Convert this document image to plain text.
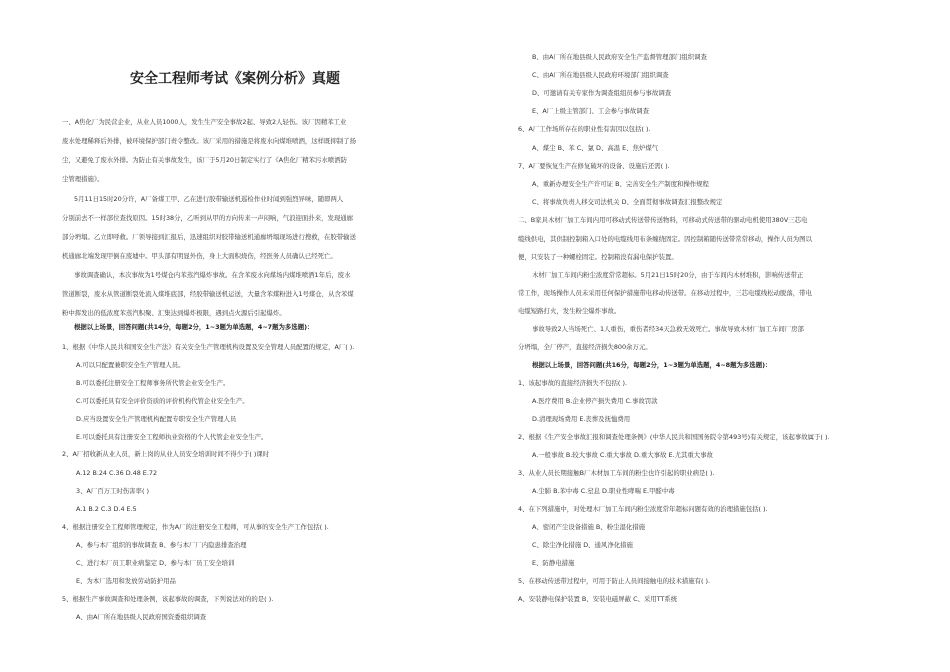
安全工程师考试《案例分析》真题
一、A焦化厂为民营企业，从业人员1000人，发生生产安全事故2起、导致2人轻伤。该厂因精苯工业
废水处理稀释后外排，被环境保护部门责令整改。该厂采用的措施是将废水向煤堆喷洒，这样既抑制了扬
尘，又避免了废水外排。为防止有关事故发生，该厂于5月20日制定实行了《A焦化厂精苯污水喷洒防
尘管理措施》。
5月11日15时20分许，A厂备煤工甲、乙在进行胶带输送机巡检作业时闻到强烈异味，随即两人
分别前去不一样部位查找原因。15时38分，乙听到从甲的方向传来一声闷响，气浪迎面扑来，发现通廊
部分坍塌。乙立即呼救。厂领导接到汇报后，迅速组织对胶带输送机通廊坍塌现场进行搜救，在胶带输送
机通廊北端发现甲倒在废墟中。甲头部有明显外伤，身上大面积烧伤，经医务人员确认已经死亡。
事故调查确认，本次事故为1号煤仓内苯蒸汽爆炸事故。在含苯废水向煤场内煤堆喷洒1年后，废水
管道断裂，废水从管道断裂处流入煤堆底部，经胶带输送机运送，大量含苯煤粉进入1号煤仓，从含苯煤
粉中挥发出的低浓度苯蒸汽积聚、汇集达到爆炸极限，遇到点火源后引起爆炸。
根据以上场景，回答问题(共14分，每题2分，1~3题为单选题，4~7题为多选题)：
1、根据《中华人民共和国安全生产法》有关安全生产管理机构设置及安全管理人员配置的规定，A厂( ).
A.可以只配置兼职安全生产管理人员。
B.可以委托注册安全工程师事务所代管企业安全生产。
C.可以委托具有安全评价资质的评价机构代管企业安全生产。
D.应当设置安全生产管理机构配置专职安全生产管理人员
E.可以委托具有注册安全工程师执业资格的个人代管企业安全生产。
2、A厂招收新从业人员，新上岗的从业人员安全培训时间不得少于( )课时
A.12 B.24 C.36 D.48 E.72
3、A厂百万工时伤害率( )
A.1 B.2 C.3 D.4 E.5
4、根据注册安全工程师管理规定，作为A厂的注册安全工程师，可从事的安全生产工作包括( ).
A、参与本厂组织的事故调查 B、参与本厂厂内隐患排查治理
C、进行本厂员工职业病鉴定 D、参与本厂员工安全培训
E、为本厂选用和发放劳动防护用品
5、根据生产事故调查和处理条例，该起事故的调查，下列说法对的的是( ).
A、由A厂所在地县级人民政府国资委组织调查
B、由A厂所在地县级人民政府安全生产监督管理部门组织调查
C、由A厂所在地县级人民政府环境部门组织调查
D、可邀请有关专家作为调查组组员参与事故调查
E、A厂上级主管部门、工会参与事故调查
6、A厂工作场所存在的职业性有害因以包括( ).
A、煤尘 B、苯 C、氯 D、高温 E、焦炉煤气
7、A厂要恢复生产在修复破坏的设备、设施后还需( ).
A、重新办理安全生产许可证 B、完善安全生产制度和操作规程
C、将事故负责人移交司法机关 D、全面贯彻事故调查汇报整改规定
二、B家具木材厂加工车间内用可移动式传送带传送物料，可移动式传送带的驱动电机使用380V三芯电
缆线供电，其供制控制箱入口处的电缆线用布条缠绕固定。因控制箱随传送带常常移动，操作人员为图以
便，只安装了一种螺栓固定。控制箱没有漏电保护装置。
木材厂加工车间内粉尘浓度常常超标。5月21日15时20分，由于车间内木材堆积，影响传送带正
常工作，现场操作人员未采用任何保护措施带电移动传送带。在移动过程中，三芯电缆线松动脱落，带电
电缆短路打火，发生粉尘爆炸事故。
事故导致2人当场死亡、1人重伤，重伤者经34天急救无效死亡。事故导致木材厂加工车间厂房部
分坍塌，全厂停产，直接经济损失800余万元。
根据以上场景，回答问题(共16分，每题2分，1~3题为单选题，4~8题为多选题)：
1、该起事故的直接经济损失不包括( ).
A.医疗费用 B.企业停产损失费用 C.事故罚款
D.清理现场费用 E.丧葬及抚恤费用
2、根据《生产安全事故汇报和调查处理条例》(中华人民共和国国务院令第493号)有关规定，该起事故属于( ).
A.一般事故 B.较大事故 C.重大事故 D.重大事故 E.尤其重大事故
3、从业人员长期接触B厂木材加工车间的粉尘也许引起的职业病是( ).
A.尘肺 B.苯中毒 C.窒息 D.职业性哮喘 E.甲醛中毒
4、在下列措施中，对处理木厂加工车间内粉尘浓度常年超标问题有效的治理措施包括( ).
A、密闭产尘设备措施 B、粉尘湿化措施
C、除尘净化措施 D、通风净化措施
E、防静电措施
5、在移动传送带过程中，可用于防止人员间接触电的技术措施有( ).
A、安装静电保护装置 B、安装电磁屏蔽 C、采用TT系统
